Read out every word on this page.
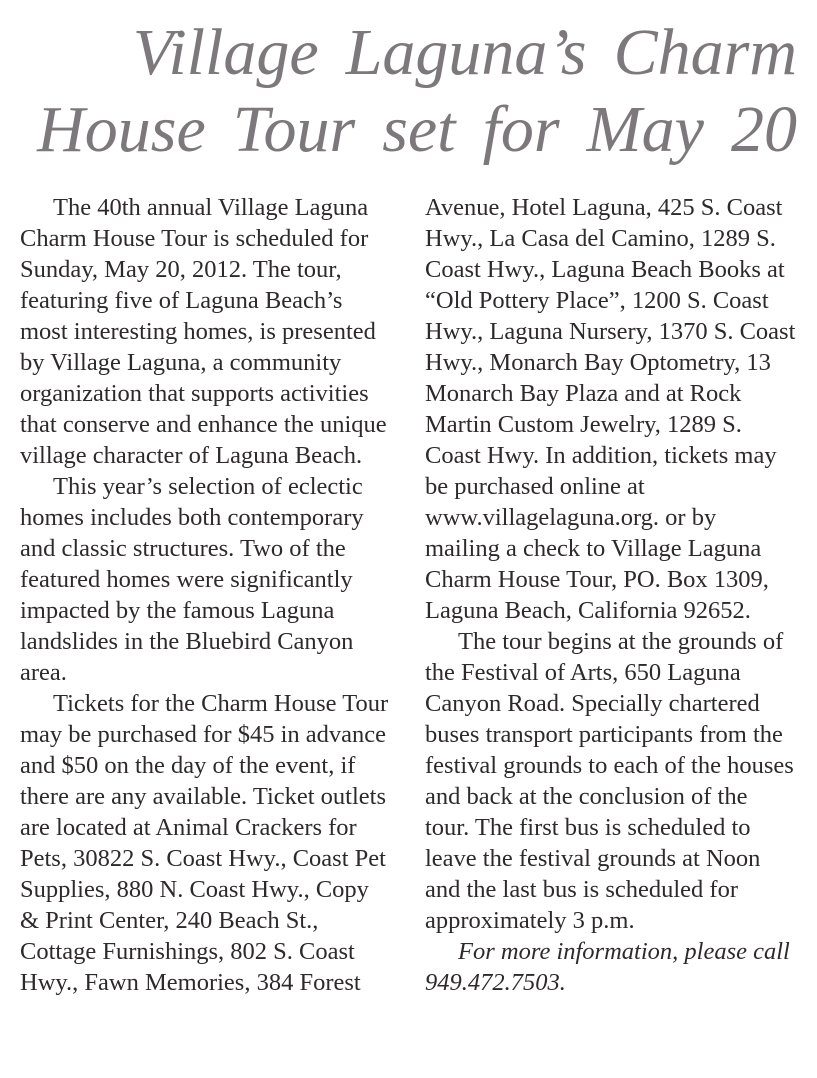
Village Laguna’s Charm
House Tour set for May 20

The 40th annual Village Laguna Charm House Tour is scheduled for Sunday, May 20, 2012. The tour, featuring five of Laguna Beach’s most interesting homes, is presented by Village Laguna, a community organization that supports activities that conserve and enhance the unique village character of Laguna Beach.

This year’s selection of eclectic homes includes both contemporary and classic structures. Two of the featured homes were significantly impacted by the famous Laguna landslides in the Bluebird Canyon area.

Tickets for the Charm House Tour may be purchased for $45 in advance and $50 on the day of the event, if there are any available. Ticket outlets are located at Animal Crackers for Pets, 30822 S. Coast Hwy., Coast Pet Supplies, 880 N. Coast Hwy., Copy & Print Center, 240 Beach St., Cottage Furnishings, 802 S. Coast Hwy., Fawn Memories, 384 Forest

Avenue, Hotel Laguna, 425 S. Coast Hwy., La Casa del Camino, 1289 S. Coast Hwy., Laguna Beach Books at “Old Pottery Place”, 1200 S. Coast Hwy., Laguna Nursery, 1370 S. Coast Hwy., Monarch Bay Optometry, 13 Monarch Bay Plaza and at Rock Martin Custom Jewelry, 1289 S. Coast Hwy. In addition, tickets may be purchased online at www.villagelaguna.org. or by mailing a check to Village Laguna Charm House Tour, PO. Box 1309, Laguna Beach, California 92652.

The tour begins at the grounds of the Festival of Arts, 650 Laguna Canyon Road. Specially chartered buses transport participants from the festival grounds to each of the houses and back at the conclusion of the tour. The first bus is scheduled to leave the festival grounds at Noon and the last bus is scheduled for approximately 3 p.m.

For more information, please call 949.472.7503.
